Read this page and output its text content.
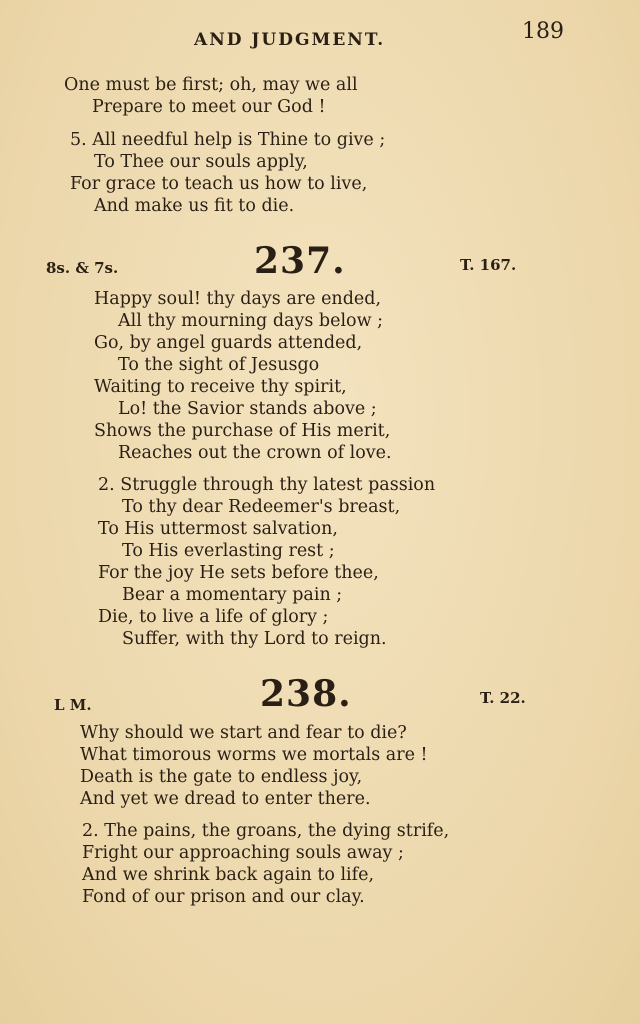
AND JUDGMENT.	189
One must be first; oh, may we all
Prepare to meet our God !
5. All needful help is Thine to give ;
To Thee our souls apply,
For grace to teach us how to live,
And make us fit to die.
8s. & 7s.	237.	T. 167.
Happy soul! thy days are ended,
All thy mourning days below ;
Go, by angel guards attended,
To the sight of Jesusgo
Waiting to receive thy spirit,
Lo! the Savior stands above ;
Shows the purchase of His merit,
Reaches out the crown of love.
2. Struggle through thy latest passion
To thy dear Redeemer's breast,
To His uttermost salvation,
To His everlasting rest ;
For the joy He sets before thee,
Bear a momentary pain ;
Die, to live a life of glory ;
Suffer, with thy Lord to reign.
L M.	238.	T. 22.
Why should we start and fear to die?
What timorous worms we mortals are !
Death is the gate to endless joy,
And yet we dread to enter there.
2. The pains, the groans, the dying strife,
Fright our approaching souls away ;
And we shrink back again to life,
Fond of our prison and our clay.
